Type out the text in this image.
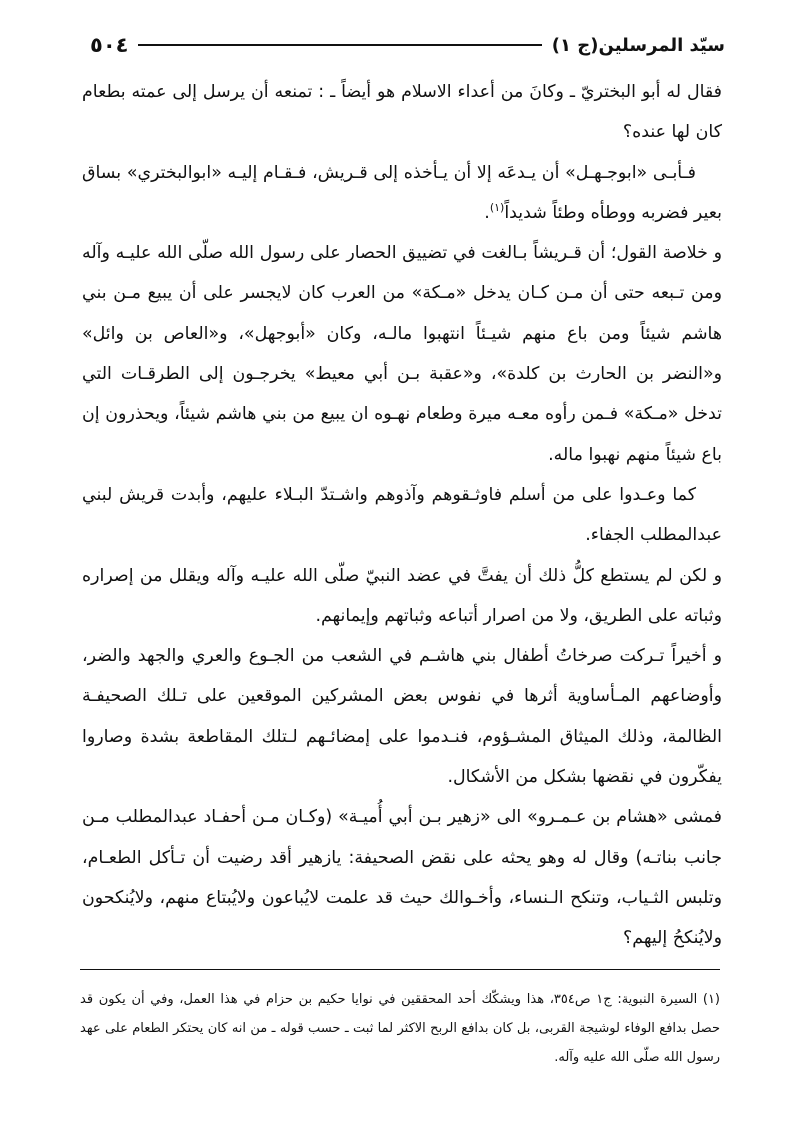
سيّد المرسلين(ج ١)
٥٠٤

فقال له أبو البختريّ ـ وكانَ من أعداء الاسلام هو أيضاً ـ : تمنعه أن يرسل إلى عمته بطعام كان لها عنده؟

فـأبـى «ابوجـهـل» أن يـدعَه إلا أن يـأخذه إلى قـريش، فـقـام إليـه «ابوالبختري» بساق بعير فضربه ووطأه وطئاً شديداً$^{(١)}$.

و خلاصة القول؛ أن قـريشاً بـالغت في تضييق الحصار على رسول الله صلّى الله عليـه وآله ومن تـبعه حتى أن مـن كـان يدخل «مـكة» من العرب كان لايجسر على أن يبيع مـن بني هاشم شيئاً ومن باع منهم شيـئاً انتهبوا مالـه، وكان «أبوجهل»، و«العاص بن وائل» و«النضر بن الحارث بن كلدة»، و«عقبة بـن أبي معيط» يخرجـون إلى الطرقـات التي تدخل «مـكة» فـمن رأوه معـه ميرة وطعام نهـوه ان يبيع من بني هاشم شيئاً، ويحذرون إن باع شيئاً منهم نهبوا ماله.

كما وعـدوا على من أسلم فاوثـقوهم وآذوهم واشـتدّ البـلاء عليهم، وأبدت قريش لبني عبدالمطلب الجفاء.

و لكن لم يستطع كلُّ ذلك أن يفتَّ في عضد النبيّ صلّى الله عليـه وآله ويقلل من إصراره وثباته على الطريق، ولا من اصرار أتباعه وثباتهم وإيمانهم.

و أخيراً تـركت صرخاتُ أطفال بني هاشـم في الشعب من الجـوع والعري والجهد والضر، وأوضاعهم المـأساوية أثرها في نفوس بعض المشركين الموقعين على تـلك الصحيفـة الظالمة، وذلك الميثاق المشـؤوم، فنـدموا على إمضائـهم لـتلك المقاطعة بشدة وصاروا يفكّرون في نقضها بشكل من الأشكال.

فمشى «هشام بن عـمـرو» الى «زهير بـن أبي أُميـة» (وكـان مـن أحفـاد عبدالمطلب مـن جانب بناتـه) وقال له وهو يحثه على نقض الصحيفة: يازهير أقد رضيت أن تـأكل الطعـام، وتلبس الثـياب، وتنكح الـنساء، وأخـوالك حيث قد علمت لايُباعون ولايُبتاع منهم، ولايُنكحون ولايُنكحُ إليهم؟

(١) السيرة النبوية: ج١ ص٣٥٤، هذا ويشكّك أحد المحققين في نوايا حكيم بن حزام في هذا العمل، وفي أن يكون قد حصل بدافع الوفاء لوشيجة القربى، بل كان بدافع الربح الاكثر لما ثبت ـ حسب قوله ـ من انه كان يحتكر الطعام على عهد رسول الله صلّى الله عليه وآله.
